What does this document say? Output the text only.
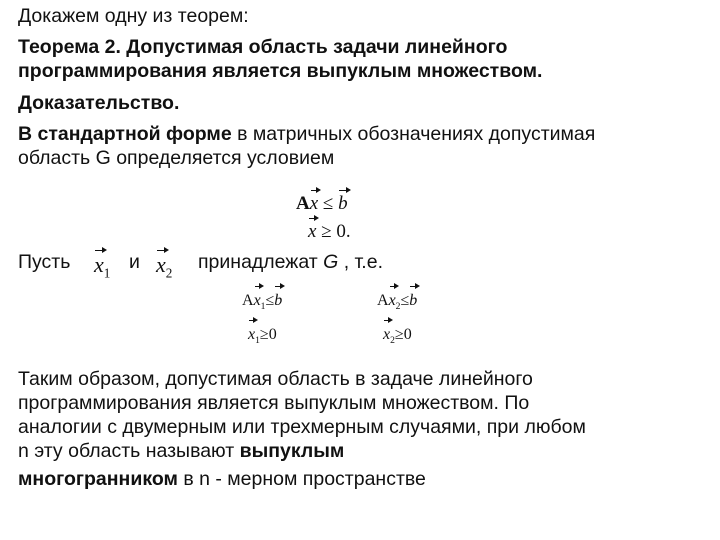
Докажем одну из теорем:

Теорема 2. Допустимая область задачи линейного

программирования является выпуклым множеством.

Доказательство.

В стандартной форме в матричных обозначениях допустимая

область G определяется условием

Ax ≤ b
x ≥ 0.

Пусть $x_1$ и $x_2$ принадлежат G , т.е.

$Ax_1\le b$
$x_1\ge 0$
$Ax_2\le b$
$x_2\ge 0$

Таким образом, допустимая область в задаче линейного

программирования является выпуклым множеством. По

аналогии с двумерным или трехмерным случаями, при любом

n эту область называют выпуклым

многогранником в n - мерном пространстве
